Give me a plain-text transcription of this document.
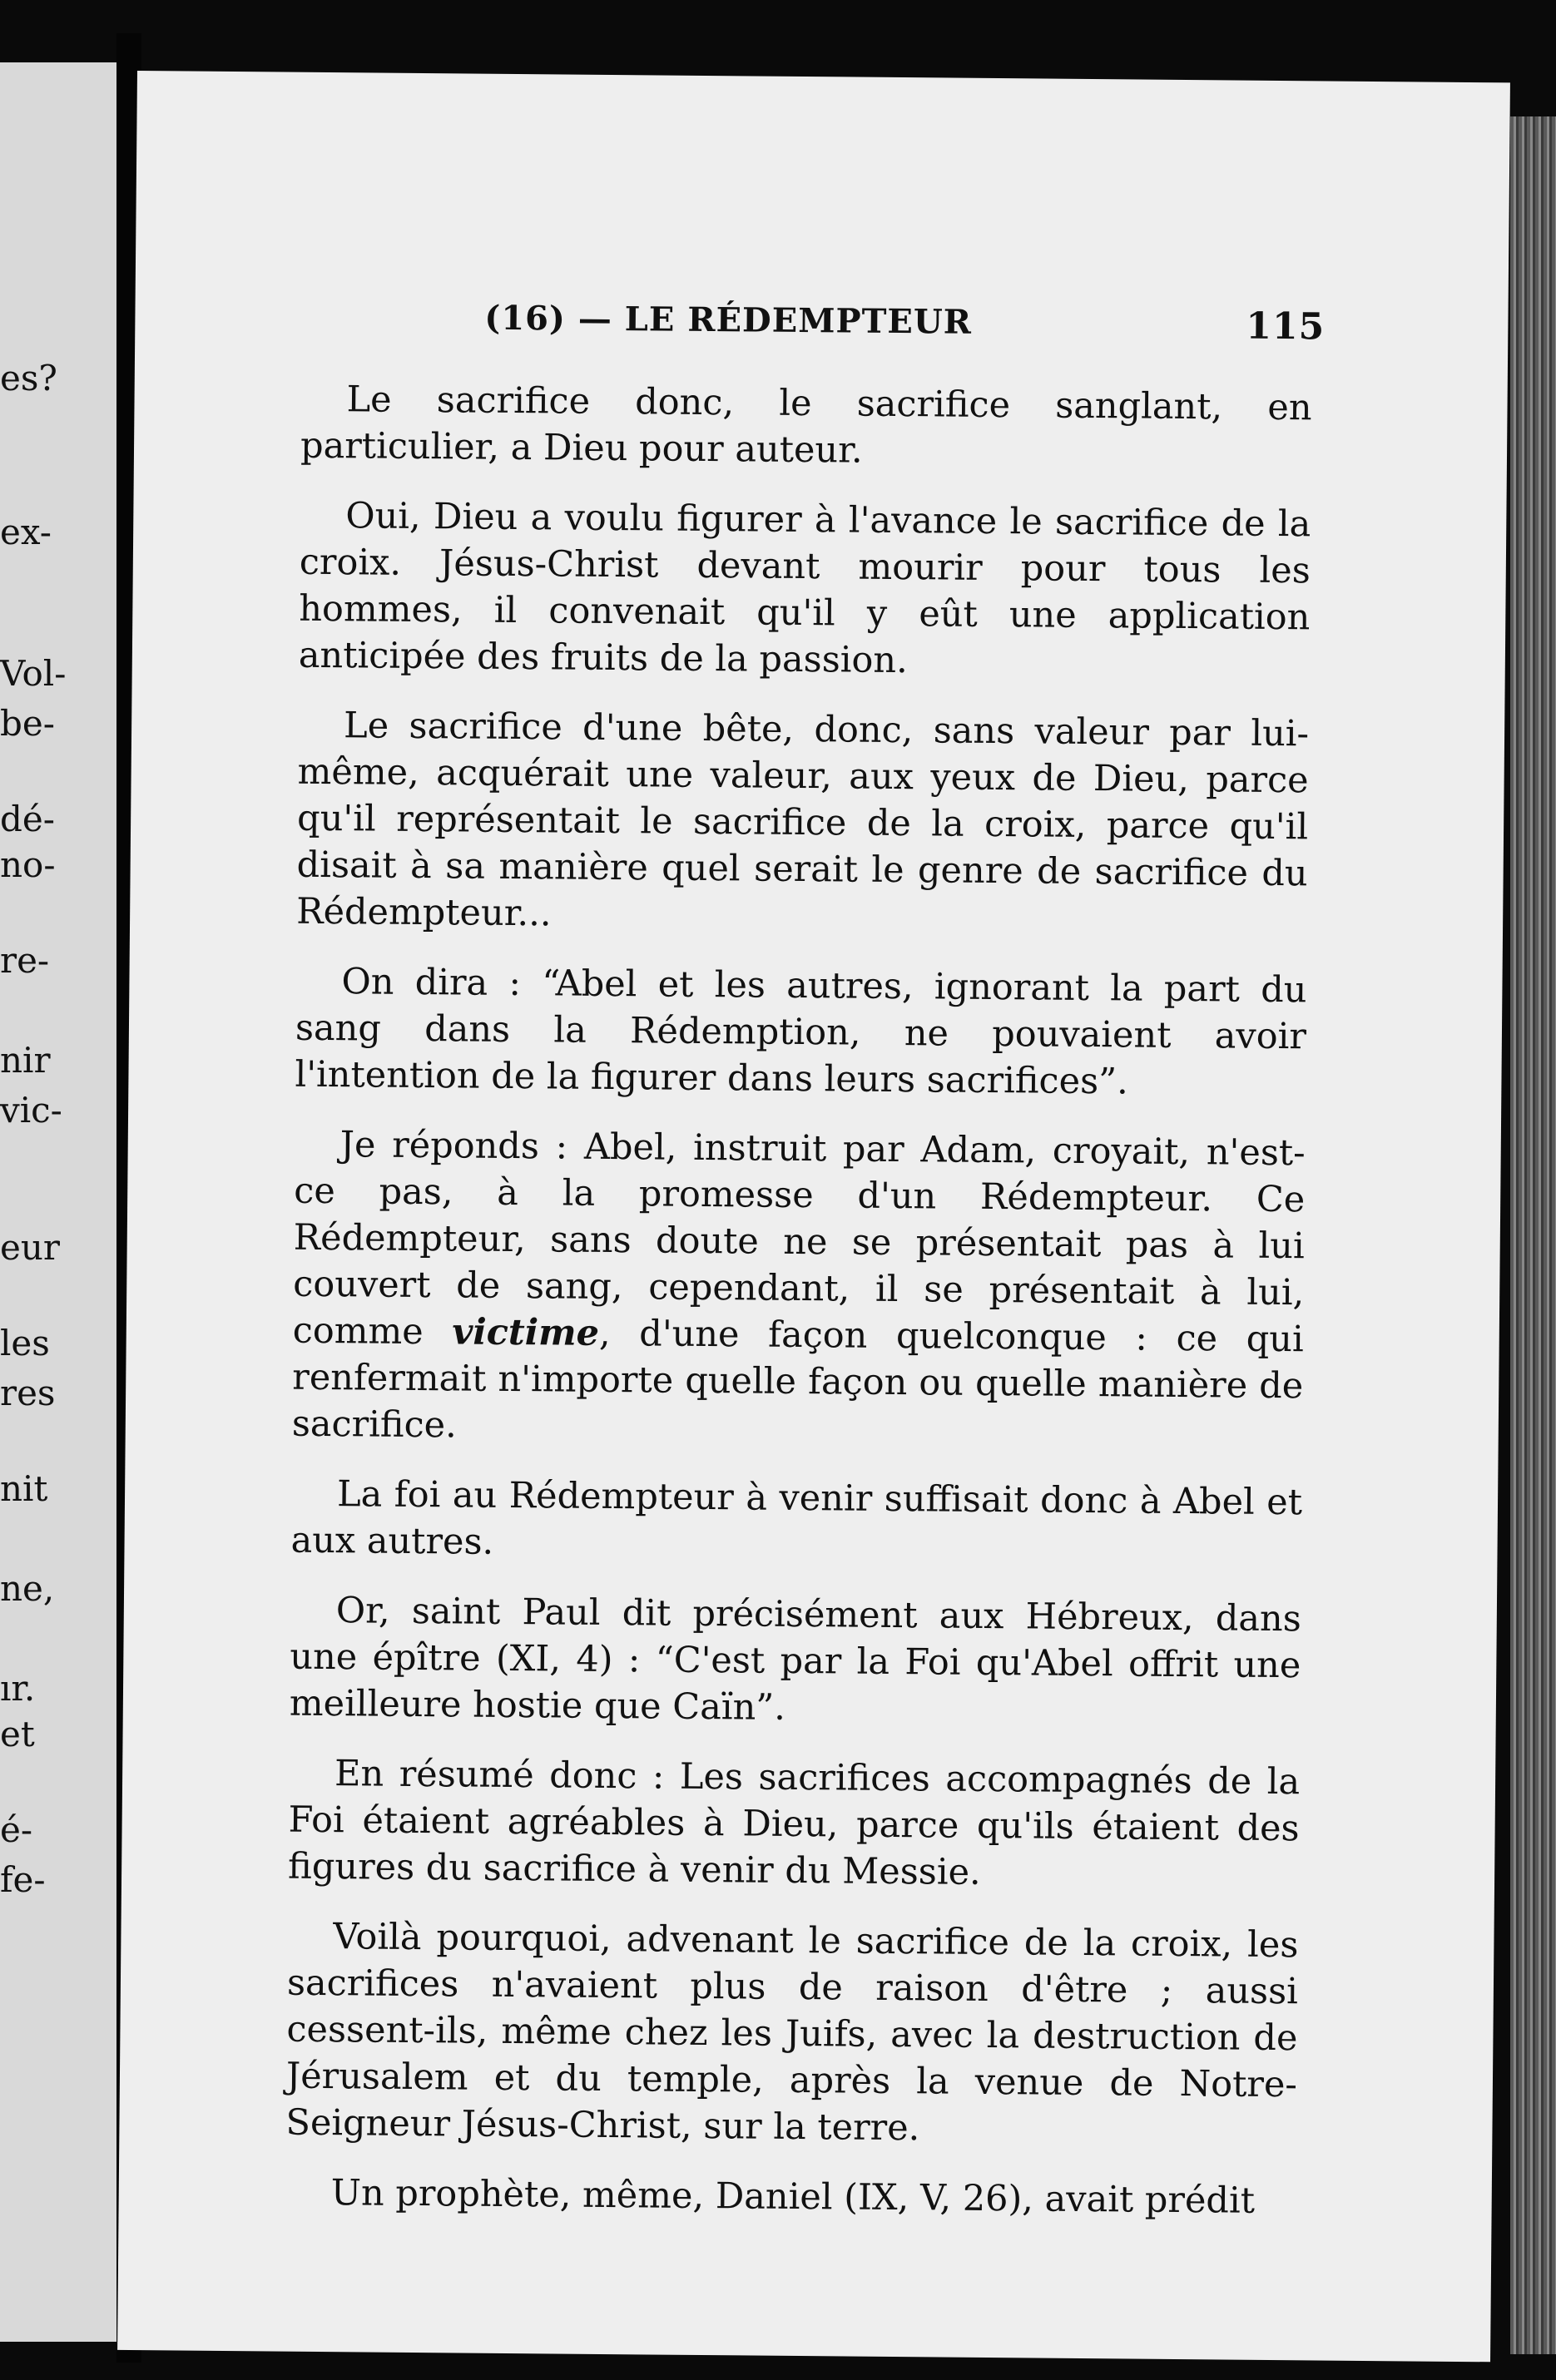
es?
ex-
Vol-
be-
dé-
no-
re-
nir
vic-
eur
les
res
nit
ne,
ır.
et
é-
fe-
(16) — LE RÉDEMPTEUR	115

Le sacrifice donc, le sacrifice sanglant, en particulier, a Dieu pour auteur.

Oui, Dieu a voulu figurer à l'avance le sacrifice de la croix. Jésus-Christ devant mourir pour tous les hommes, il convenait qu'il y eût une application anticipée des fruits de la passion.

Le sacrifice d'une bête, donc, sans valeur par lui-même, acquérait une valeur, aux yeux de Dieu, parce qu'il représentait le sacrifice de la croix, parce qu'il disait à sa manière quel serait le genre de sacrifice du Rédempteur...

On dira : “Abel et les autres, ignorant la part du sang dans la Rédemption, ne pouvaient avoir l'intention de la figurer dans leurs sacrifices”.

Je réponds : Abel, instruit par Adam, croyait, n'est-ce pas, à la promesse d'un Rédempteur. Ce Rédempteur, sans doute ne se présentait pas à lui couvert de sang, cependant, il se présentait à lui, comme victime, d'une façon quelconque : ce qui renfermait n'importe quelle façon ou quelle manière de sacrifice.

La foi au Rédempteur à venir suffisait donc à Abel et aux autres.

Or, saint Paul dit précisément aux Hébreux, dans une épître (XI, 4) : “C'est par la Foi qu'Abel offrit une meilleure hostie que Caïn”.

En résumé donc : Les sacrifices accompagnés de la Foi étaient agréables à Dieu, parce qu'ils étaient des figures du sacrifice à venir du Messie.

Voilà pourquoi, advenant le sacrifice de la croix, les sacrifices n'avaient plus de raison d'être ; aussi cessent-ils, même chez les Juifs, avec la destruction de Jérusalem et du temple, après la venue de Notre-Seigneur Jésus-Christ, sur la terre.

Un prophète, même, Daniel (IX, V, 26), avait prédit
